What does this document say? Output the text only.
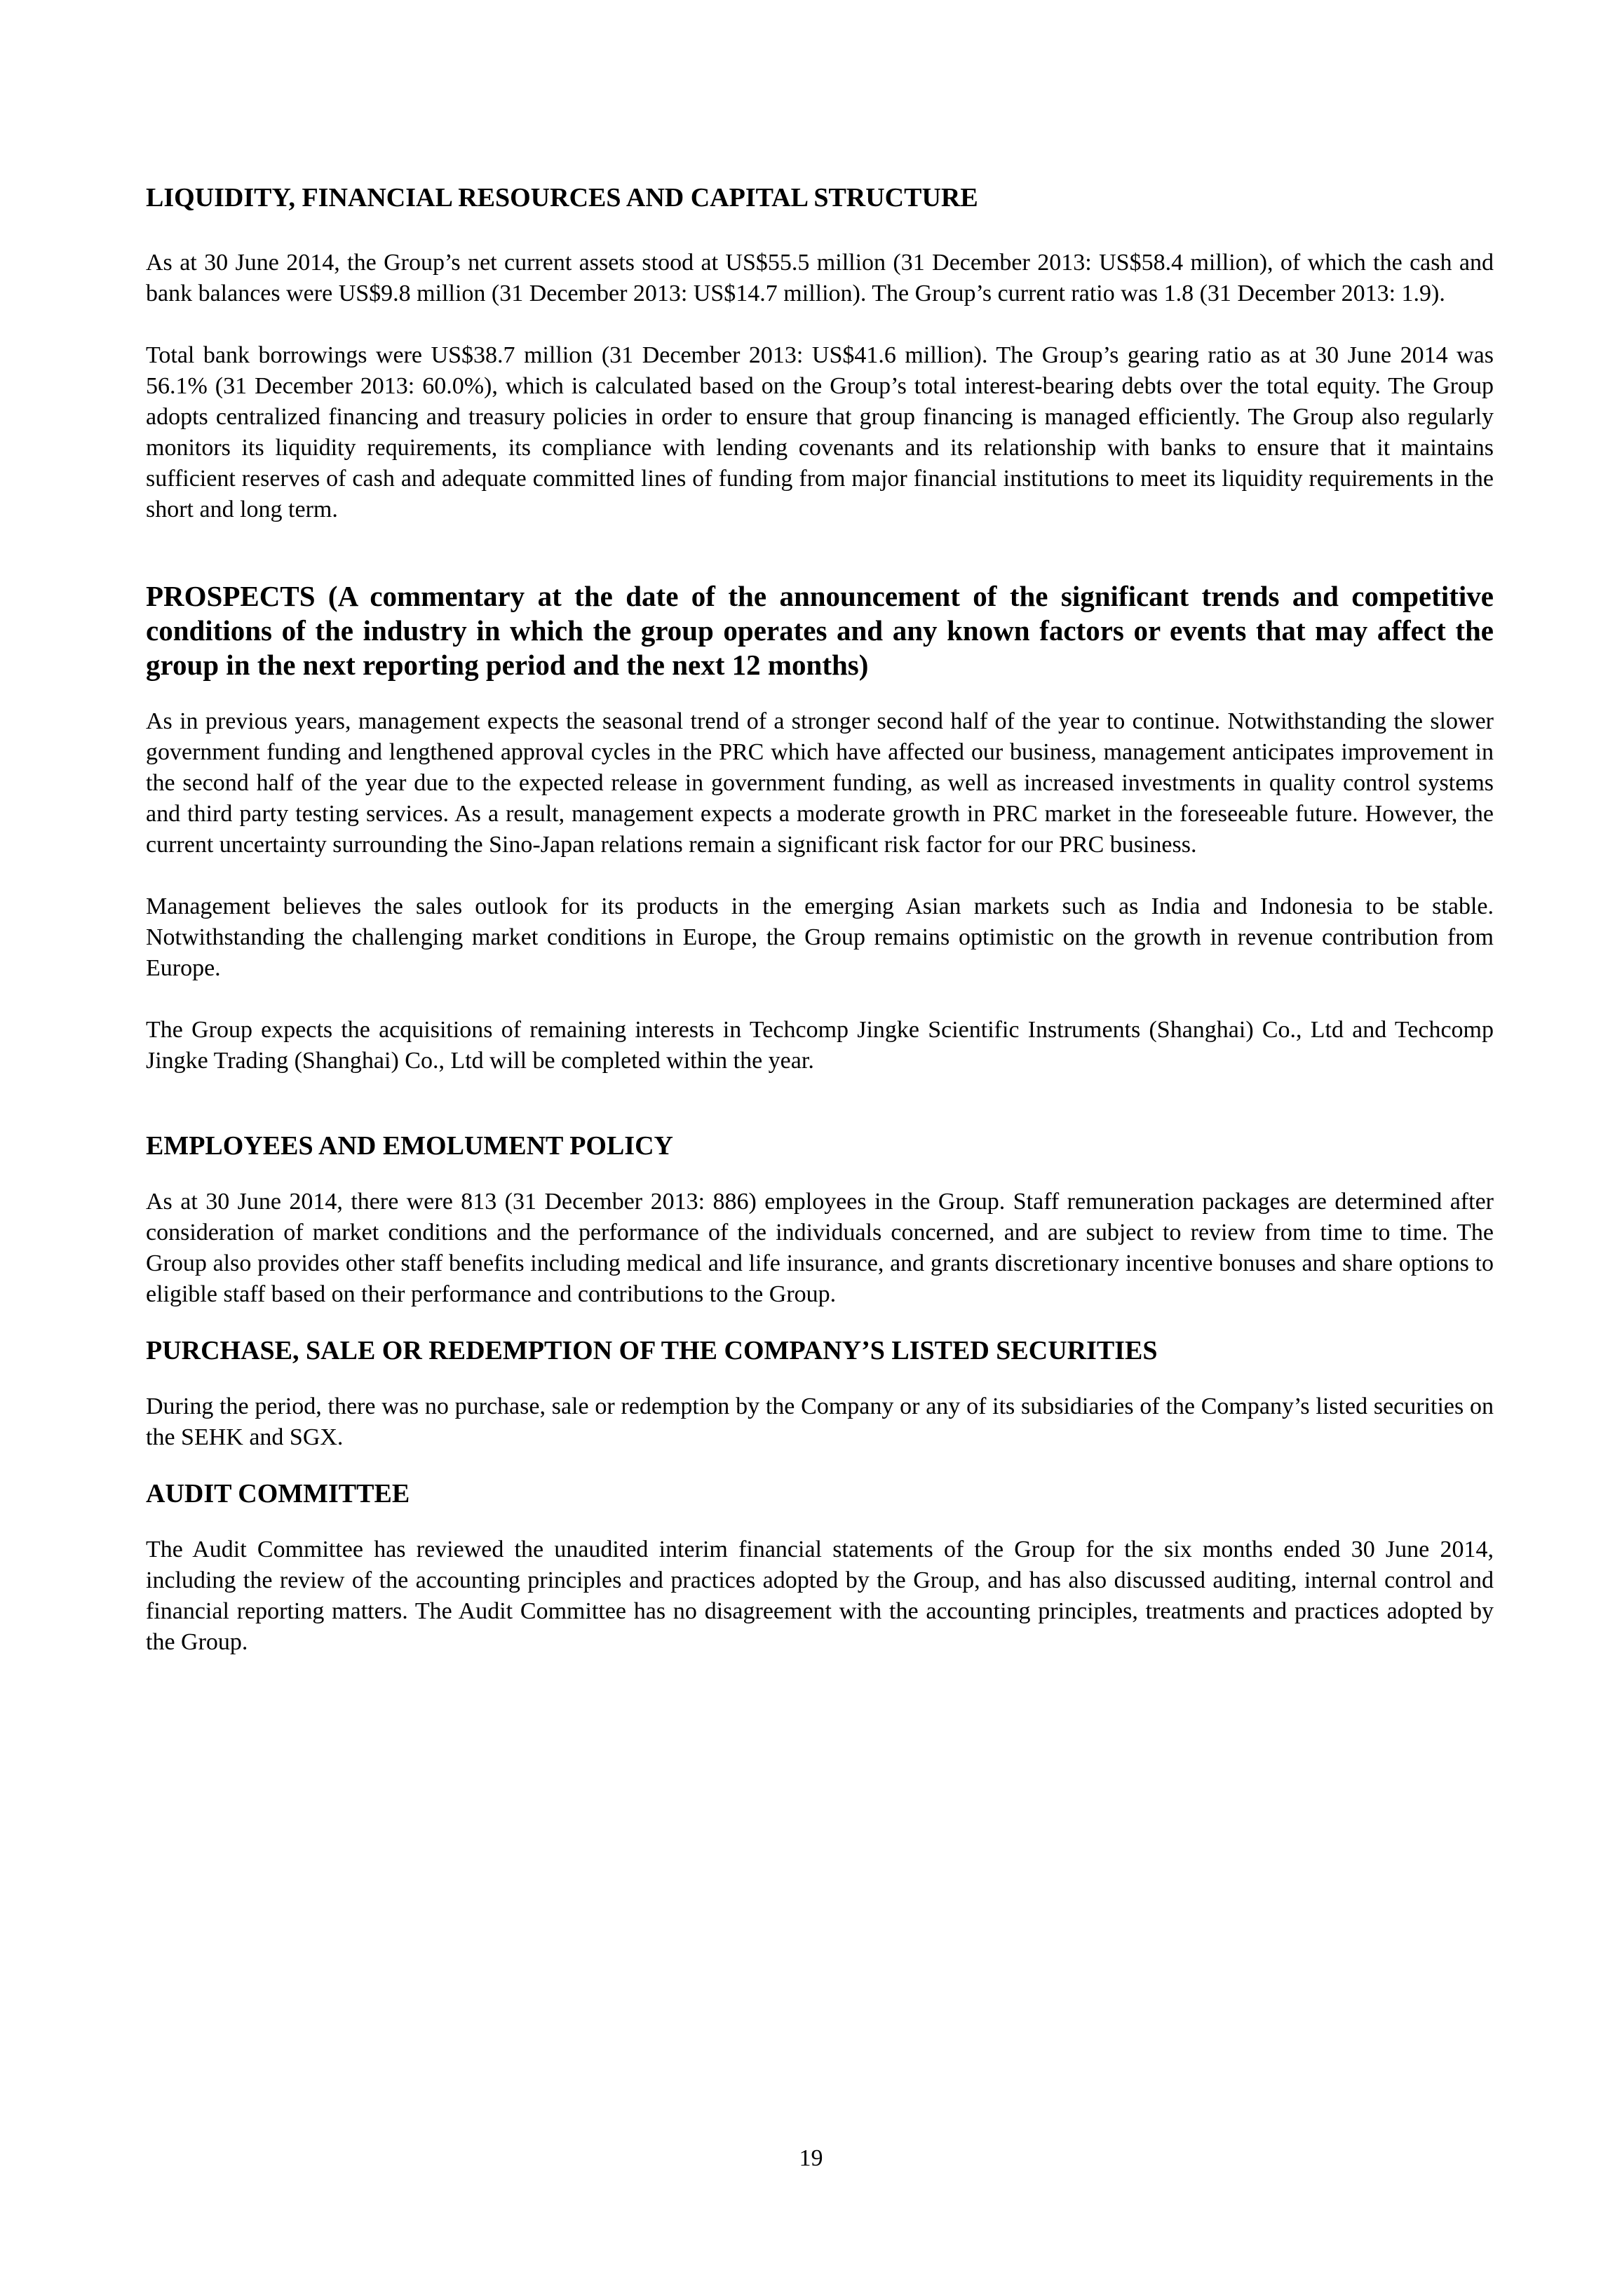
LIQUIDITY, FINANCIAL RESOURCES AND CAPITAL STRUCTURE

As at 30 June 2014, the Group’s net current assets stood at US$55.5 million (31 December 2013: US$58.4 million), of which the cash and bank balances were US$9.8 million (31 December 2013: US$14.7 million). The Group’s current ratio was 1.8 (31 December 2013: 1.9).

Total bank borrowings were US$38.7 million (31 December 2013: US$41.6 million). The Group’s gearing ratio as at 30 June 2014 was 56.1% (31 December 2013: 60.0%), which is calculated based on the Group’s total interest-bearing debts over the total equity. The Group adopts centralized financing and treasury policies in order to ensure that group financing is managed efficiently. The Group also regularly monitors its liquidity requirements, its compliance with lending covenants and its relationship with banks to ensure that it maintains sufficient reserves of cash and adequate committed lines of funding from major financial institutions to meet its liquidity requirements in the short and long term.

PROSPECTS (A commentary at the date of the announcement of the significant trends and competitive conditions of the industry in which the group operates and any known factors or events that may affect the group in the next reporting period and the next 12 months)

As in previous years, management expects the seasonal trend of a stronger second half of the year to continue. Notwithstanding the slower government funding and lengthened approval cycles in the PRC which have affected our business, management anticipates improvement in the second half of the year due to the expected release in government funding, as well as increased investments in quality control systems and third party testing services. As a result, management expects a moderate growth in PRC market in the foreseeable future. However, the current uncertainty surrounding the Sino-Japan relations remain a significant risk factor for our PRC business.

Management believes the sales outlook for its products in the emerging Asian markets such as India and Indonesia to be stable. Notwithstanding the challenging market conditions in Europe, the Group remains optimistic on the growth in revenue contribution from Europe.

The Group expects the acquisitions of remaining interests in Techcomp Jingke Scientific Instruments (Shanghai) Co., Ltd and Techcomp Jingke Trading (Shanghai) Co., Ltd will be completed within the year.

EMPLOYEES AND EMOLUMENT POLICY

As at 30 June 2014, there were 813 (31 December 2013: 886) employees in the Group. Staff remuneration packages are determined after consideration of market conditions and the performance of the individuals concerned, and are subject to review from time to time. The Group also provides other staff benefits including medical and life insurance, and grants discretionary incentive bonuses and share options to eligible staff based on their performance and contributions to the Group.

PURCHASE, SALE OR REDEMPTION OF THE COMPANY’S LISTED SECURITIES

During the period, there was no purchase, sale or redemption by the Company or any of its subsidiaries of the Company’s listed securities on the SEHK and SGX.

AUDIT COMMITTEE

The Audit Committee has reviewed the unaudited interim financial statements of the Group for the six months ended 30 June 2014, including the review of the accounting principles and practices adopted by the Group, and has also discussed auditing, internal control and financial reporting matters. The Audit Committee has no disagreement with the accounting principles, treatments and practices adopted by the Group.

19
